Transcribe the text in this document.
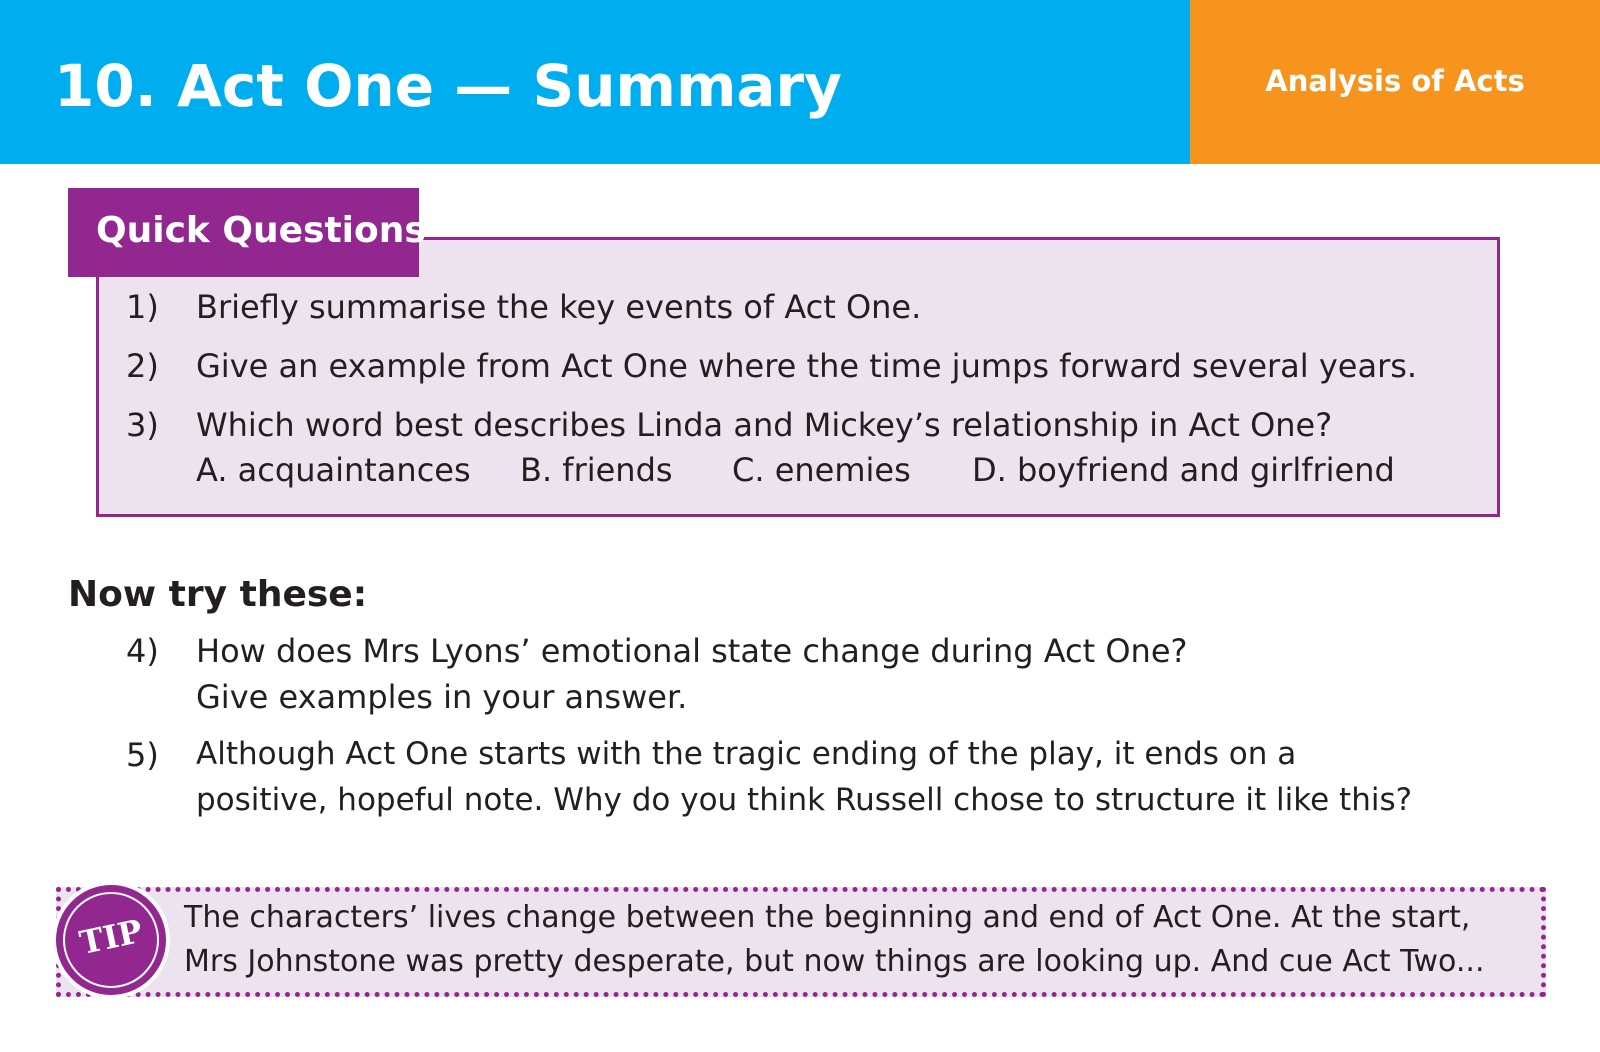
10. Act One — Summary	Analysis of Acts
Quick Questions
1) Briefly summarise the key events of Act One.
2) Give an example from Act One where the time jumps forward several years.
3) Which word best describes Linda and Mickey’s relationship in Act One?
A. acquaintances B. friends C. enemies D. boyfriend and girlfriend
Now try these:
4) How does Mrs Lyons’ emotional state change during Act One?
Give examples in your answer.
5) Although Act One starts with the tragic ending of the play, it ends on a
positive, hopeful note. Why do you think Russell chose to structure it like this?
The characters’ lives change between the beginning and end of Act One. At the start,
Mrs Johnstone was pretty desperate, but now things are looking up. And cue Act Two...
TIP
